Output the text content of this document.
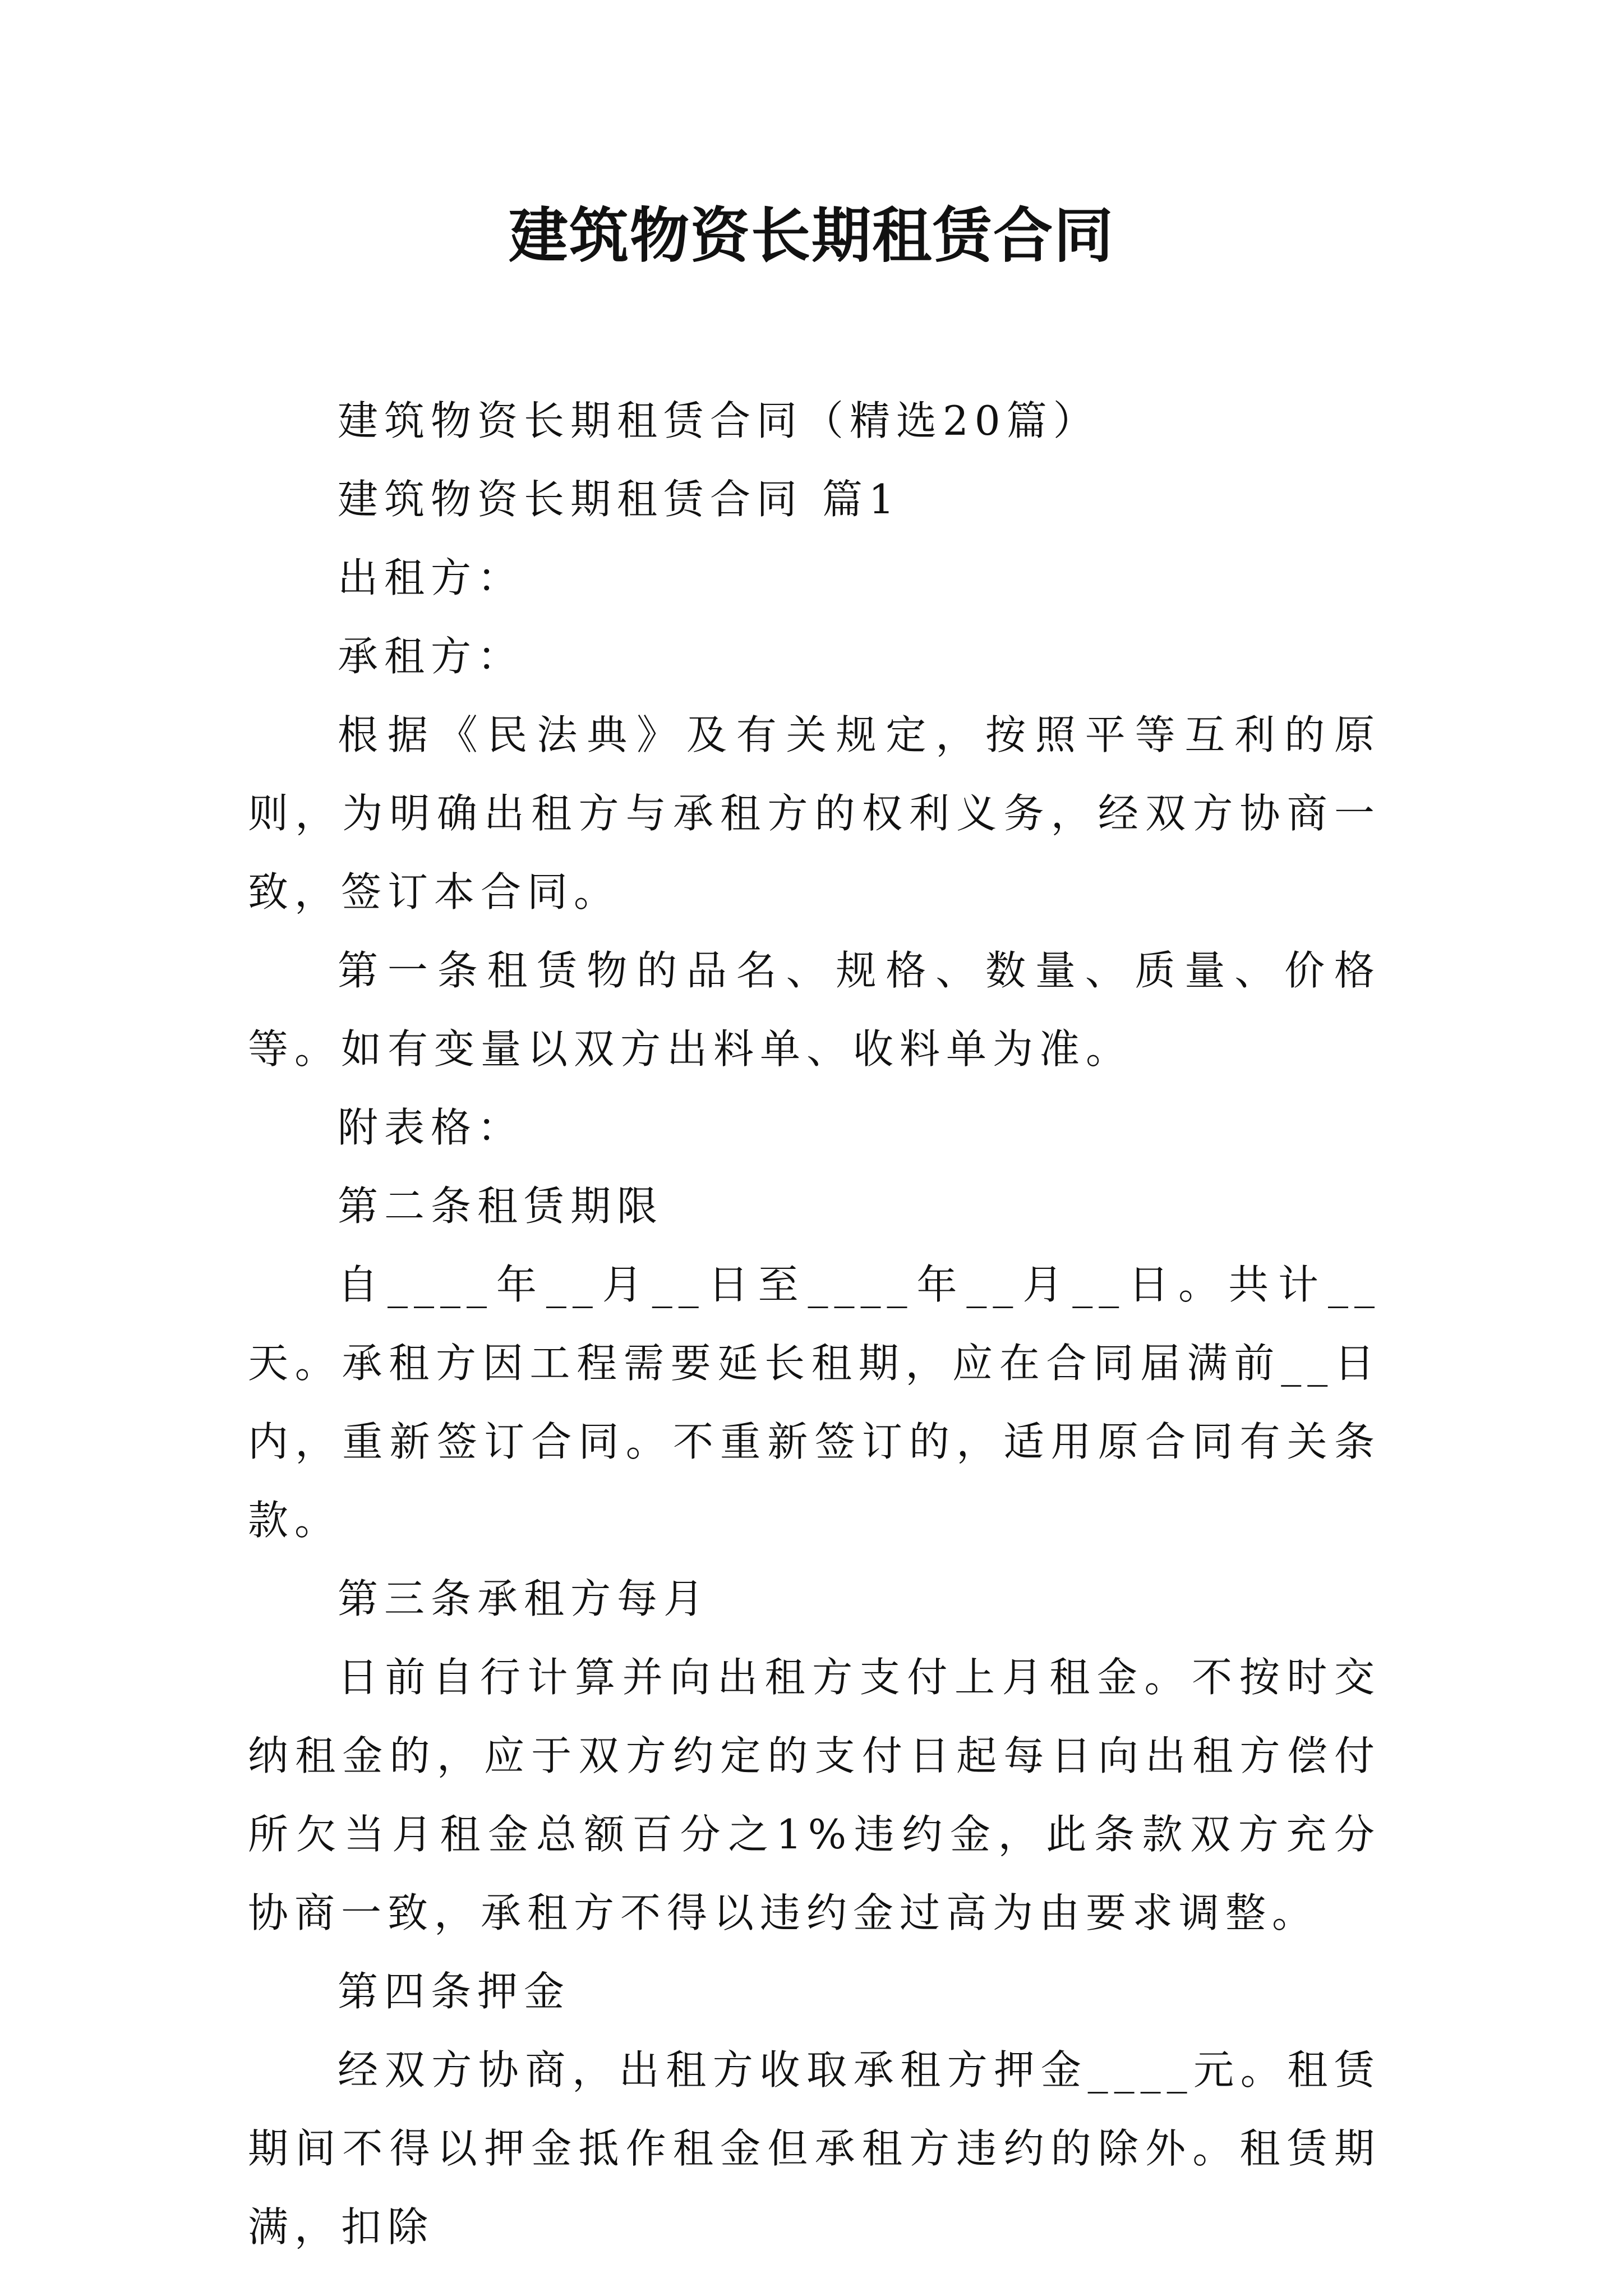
建筑物资长期租赁合同

建筑物资长期租赁合同（精选20篇）

建筑物资长期租赁合同 篇1

出租方：

承租方：

根据《民法典》及有关规定，按照平等互利的原则，为明确出租方与承租方的权利义务，经双方协商一致，签订本合同。

第一条租赁物的品名、规格、数量、质量、价格等。如有变量以双方出料单、收料单为准。

附表格：

第二条租赁期限

自____年__月__日至____年__月__日。共计__天。承租方因工程需要延长租期，应在合同届满前__日内，重新签订合同。不重新签订的，适用原合同有关条款。

第三条承租方每月

日前自行计算并向出租方支付上月租金。不按时交纳租金的，应于双方约定的支付日起每日向出租方偿付所欠当月租金总额百分之1%违约金，此条款双方充分协商一致，承租方不得以违约金过高为由要求调整。

第四条押金

经双方协商，出租方收取承租方押金____元。租赁期间不得以押金抵作租金但承租方违约的除外。租赁期满，扣除
